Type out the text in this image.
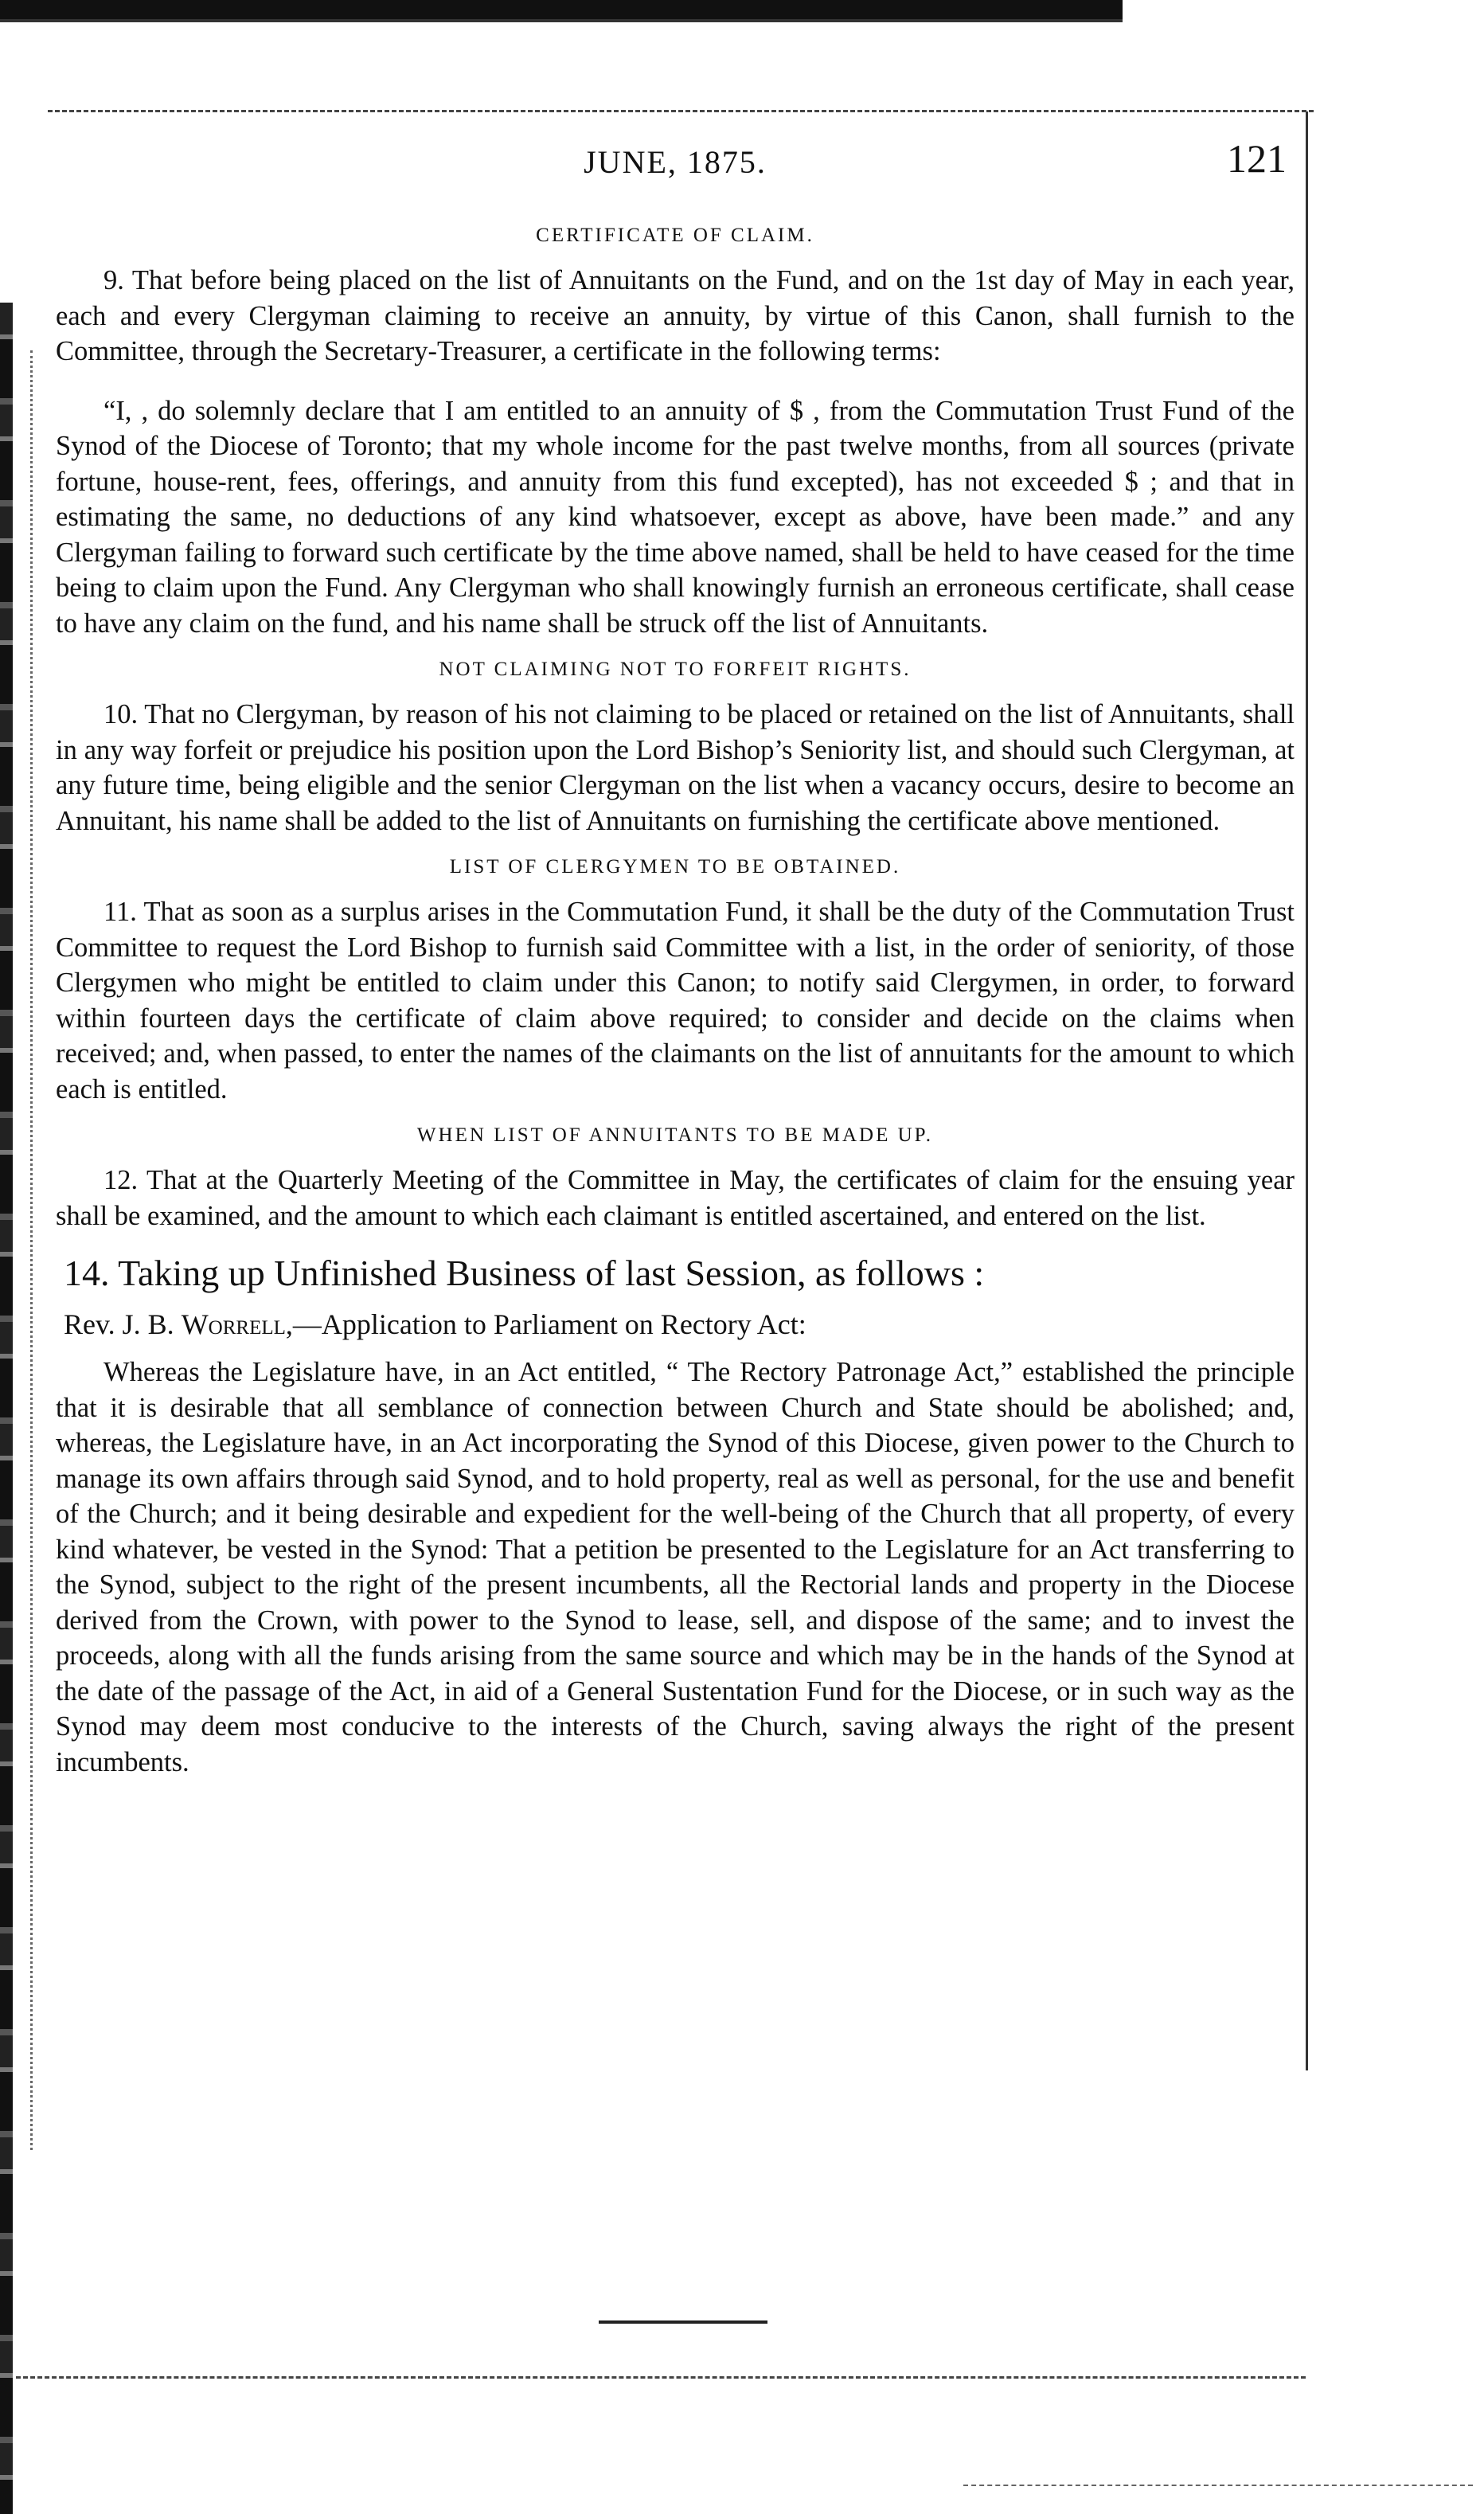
JUNE, 1875.	121
CERTIFICATE OF CLAIM.

9. That before being placed on the list of Annuitants on the Fund, and on the 1st day of May in each year, each and every Clergyman claiming to receive an annuity, by virtue of this Canon, shall furnish to the Committee, through the Secretary-Treasurer, a certificate in the following terms:

“I, , do solemnly declare that I am entitled to an annuity of $ , from the Commutation Trust Fund of the Synod of the Diocese of Toronto; that my whole income for the past twelve months, from all sources (private fortune, house-rent, fees, offerings, and annuity from this fund excepted), has not exceeded $ ; and that in estimating the same, no deductions of any kind whatsoever, except as above, have been made.” and any Clergyman failing to forward such certificate by the time above named, shall be held to have ceased for the time being to claim upon the Fund. Any Clergyman who shall knowingly furnish an erroneous certificate, shall cease to have any claim on the fund, and his name shall be struck off the list of Annuitants.

NOT CLAIMING NOT TO FORFEIT RIGHTS.

10. That no Clergyman, by reason of his not claiming to be placed or retained on the list of Annuitants, shall in any way forfeit or prejudice his position upon the Lord Bishop’s Seniority list, and should such Clergyman, at any future time, being eligible and the senior Clergyman on the list when a vacancy occurs, desire to become an Annuitant, his name shall be added to the list of Annuitants on furnishing the certificate above mentioned.

LIST OF CLERGYMEN TO BE OBTAINED.

11. That as soon as a surplus arises in the Commutation Fund, it shall be the duty of the Commutation Trust Committee to request the Lord Bishop to furnish said Committee with a list, in the order of seniority, of those Clergymen who might be entitled to claim under this Canon; to notify said Clergymen, in order, to forward within fourteen days the certificate of claim above required; to consider and decide on the claims when received; and, when passed, to enter the names of the claimants on the list of annuitants for the amount to which each is entitled.

WHEN LIST OF ANNUITANTS TO BE MADE UP.

12. That at the Quarterly Meeting of the Committee in May, the certificates of claim for the ensuing year shall be examined, and the amount to which each claimant is entitled ascertained, and entered on the list.

14. Taking up Unfinished Business of last Session, as follows :
Rev. J. B. Worrell,—Application to Parliament on Rectory Act:

Whereas the Legislature have, in an Act entitled, “ The Rectory Patronage Act,” established the principle that it is desirable that all semblance of connection between Church and State should be abolished; and, whereas, the Legislature have, in an Act incorporating the Synod of this Diocese, given power to the Church to manage its own affairs through said Synod, and to hold property, real as well as personal, for the use and benefit of the Church; and it being desirable and expedient for the well-being of the Church that all property, of every kind whatever, be vested in the Synod: That a petition be presented to the Legislature for an Act transferring to the Synod, subject to the right of the present incumbents, all the Rectorial lands and property in the Diocese derived from the Crown, with power to the Synod to lease, sell, and dispose of the same; and to invest the proceeds, along with all the funds arising from the same source and which may be in the hands of the Synod at the date of the passage of the Act, in aid of a General Sustentation Fund for the Diocese, or in such way as the Synod may deem most conducive to the interests of the Church, saving always the right of the present incumbents.
